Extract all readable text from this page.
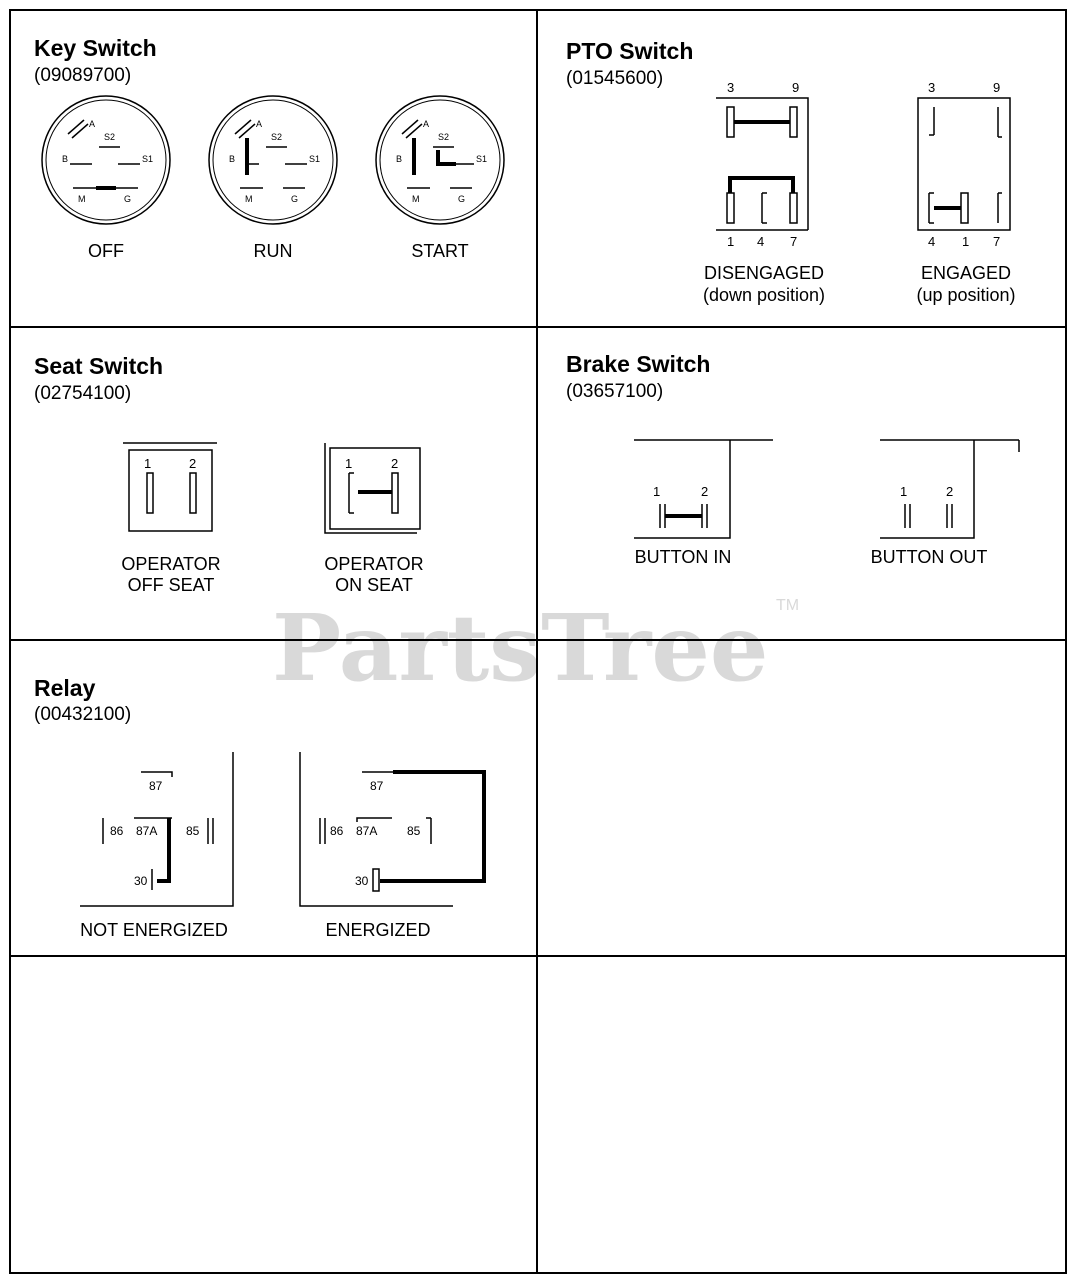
PartsTree TM
Key Switch
(09089700)
A
S2
B	S1
M	G
OFF
A
S2
B	S1
M	G
RUN
A
S2
B	S1
M	G
START
PTO Switch
(01545600)	3	9
1 4 7
DISENGAGED
(down position)
3	9
4 1 7
ENGAGED
(up position)
Seat Switch
(02754100)
1	2
OPERATOR
OFF SEAT
1	2
OPERATOR
ON SEAT
Brake Switch
(03657100)
1	2
BUTTON IN
1	2
BUTTON OUT
Relay
(00432100)
87
86 87A 85
30
NOT ENERGIZED
87
86 87A 85
30
ENERGIZED
